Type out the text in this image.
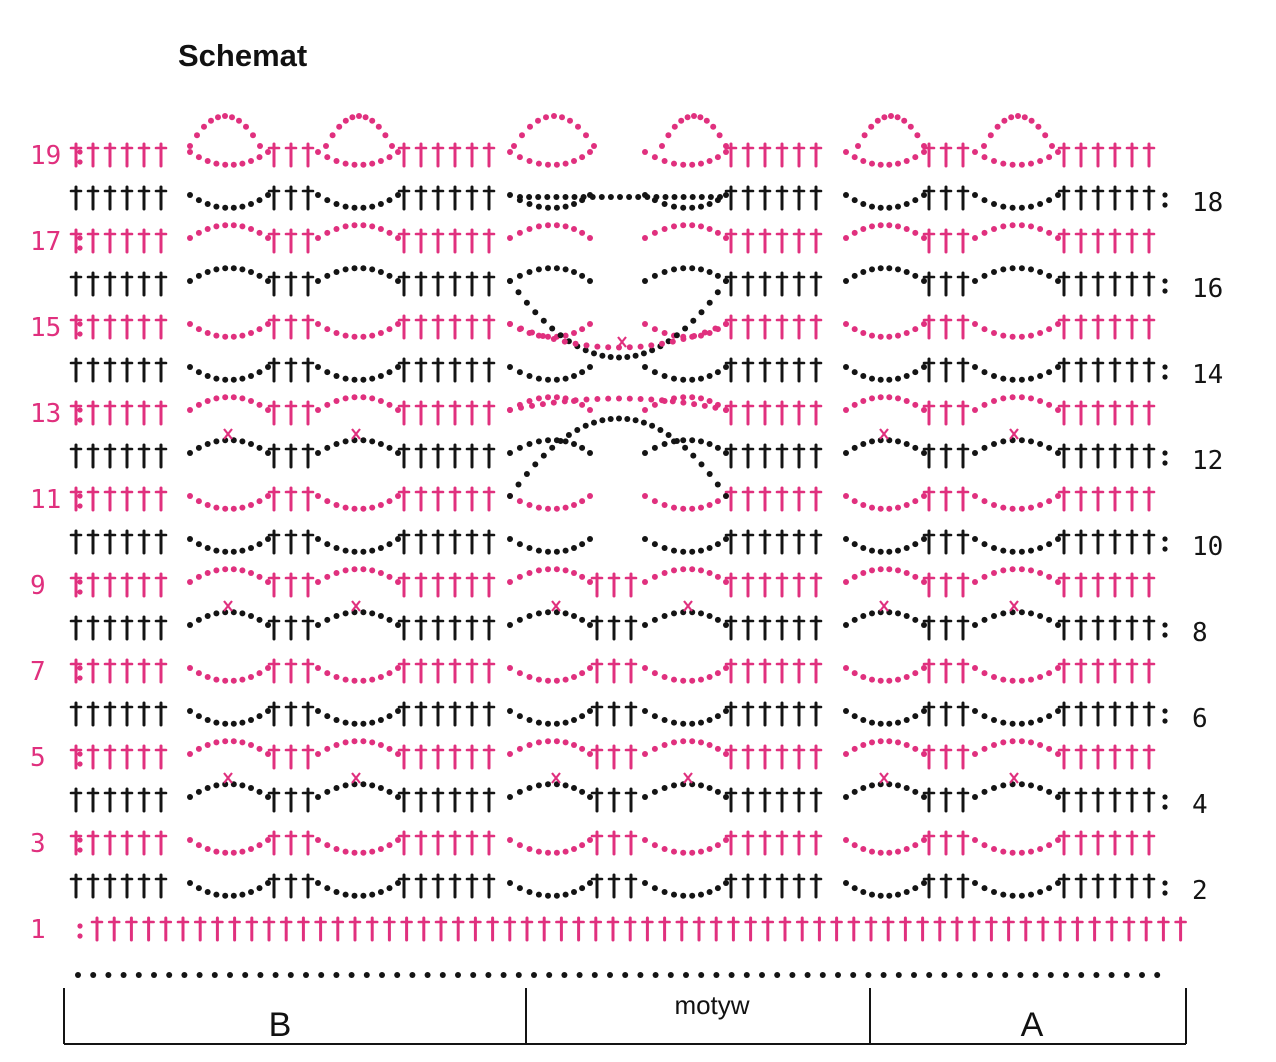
Schemat
19
17
15
13
11
9
7
5
3
1
18
16
14
12
10
8
6
4
2
B
motyw
A
